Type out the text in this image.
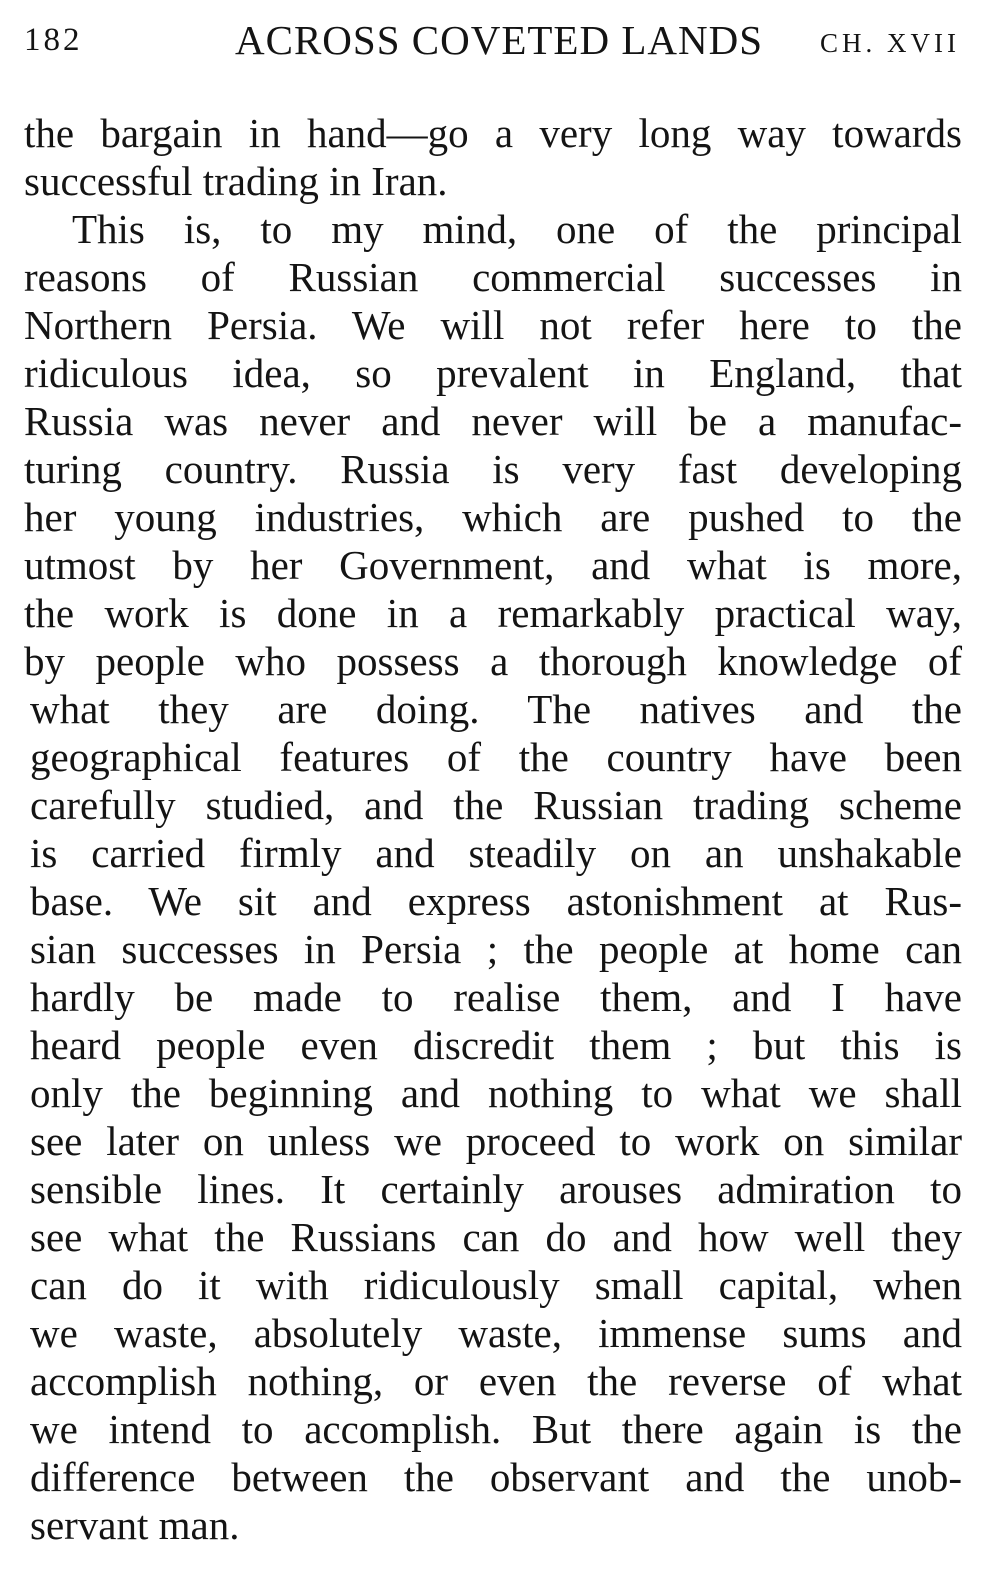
182	ACROSS COVETED LANDS	CH. XVII
the bargain in hand—go a very long way towards
successful trading in Iran.
This is, to my mind, one of the principal
reasons of Russian commercial successes in
Northern Persia. We will not refer here to the
ridiculous idea, so prevalent in England, that
Russia was never and never will be a manufac-
turing country. Russia is very fast developing
her young industries, which are pushed to the
utmost by her Government, and what is more,
the work is done in a remarkably practical way,
by people who possess a thorough knowledge of
what they are doing. The natives and the
geographical features of the country have been
carefully studied, and the Russian trading scheme
is carried firmly and steadily on an unshakable
base. We sit and express astonishment at Rus-
sian successes in Persia ; the people at home can
hardly be made to realise them, and I have
heard people even discredit them ; but this is
only the beginning and nothing to what we shall
see later on unless we proceed to work on similar
sensible lines. It certainly arouses admiration to
see what the Russians can do and how well they
can do it with ridiculously small capital, when
we waste, absolutely waste, immense sums and
accomplish nothing, or even the reverse of what
we intend to accomplish. But there again is the
difference between the observant and the unob-
servant man.
